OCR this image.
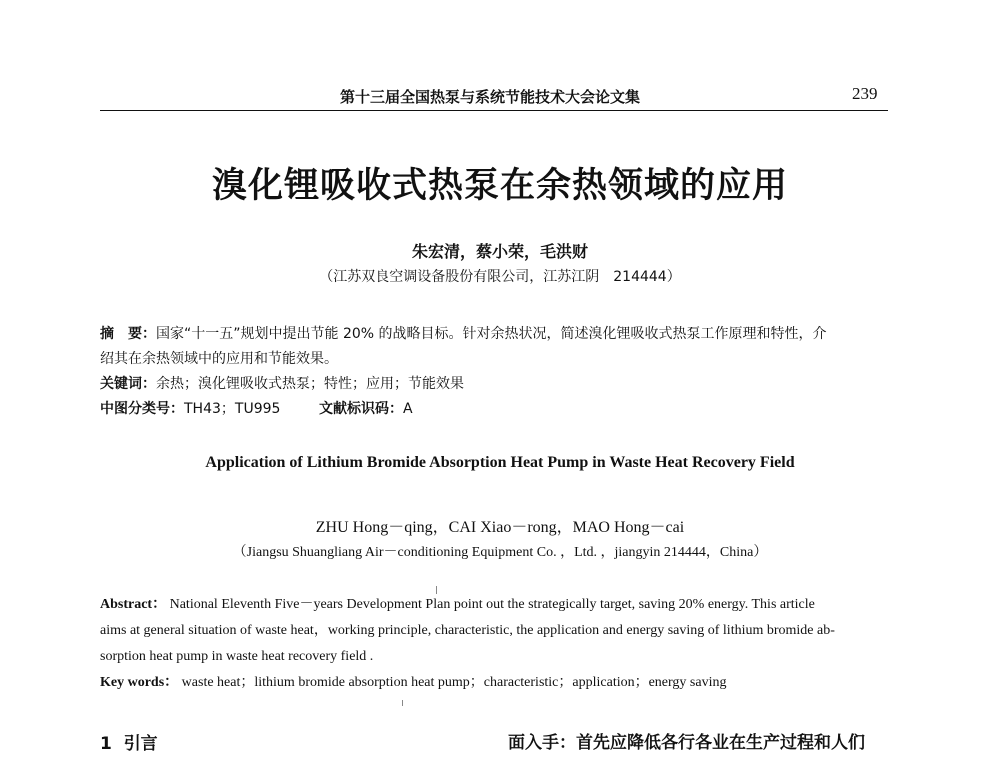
第十三届全国热泵与系统节能技术大会论文集	239
溴化锂吸收式热泵在余热领域的应用
朱宏清，蔡小荣，毛洪财
（江苏双良空调设备股份有限公司，江苏江阴　214444）
摘　要：国家“十一五”规划中提出节能 20% 的战略目标。针对余热状况，简述溴化锂吸收式热泵工作原理和特性，介
绍其在余热领域中的应用和节能效果。
关键词：余热；溴化锂吸收式热泵；特性；应用；节能效果
中图分类号：TH43；TU995	文献标识码：A
Application of Lithium Bromide Absorption Heat Pump in Waste Heat Recovery Field
ZHU Hong－qing，CAI Xiao－rong，MAO Hong－cai
（Jiangsu Shuangliang Air－conditioning Equipment Co. ，Ltd. ，jiangyin 214444，China）
Abstract： National Eleventh Five－years Development Plan point out the strategically target, saving 20% energy. This article
aims at general situation of waste heat，working principle, characteristic, the application and energy saving of lithium bromide ab-
sorption heat pump in waste heat recovery field .
Key words： waste heat；lithium bromide absorption heat pump；characteristic；application；energy saving
1 引言	面入手：首先应降低各行各业在生产过程和人们
